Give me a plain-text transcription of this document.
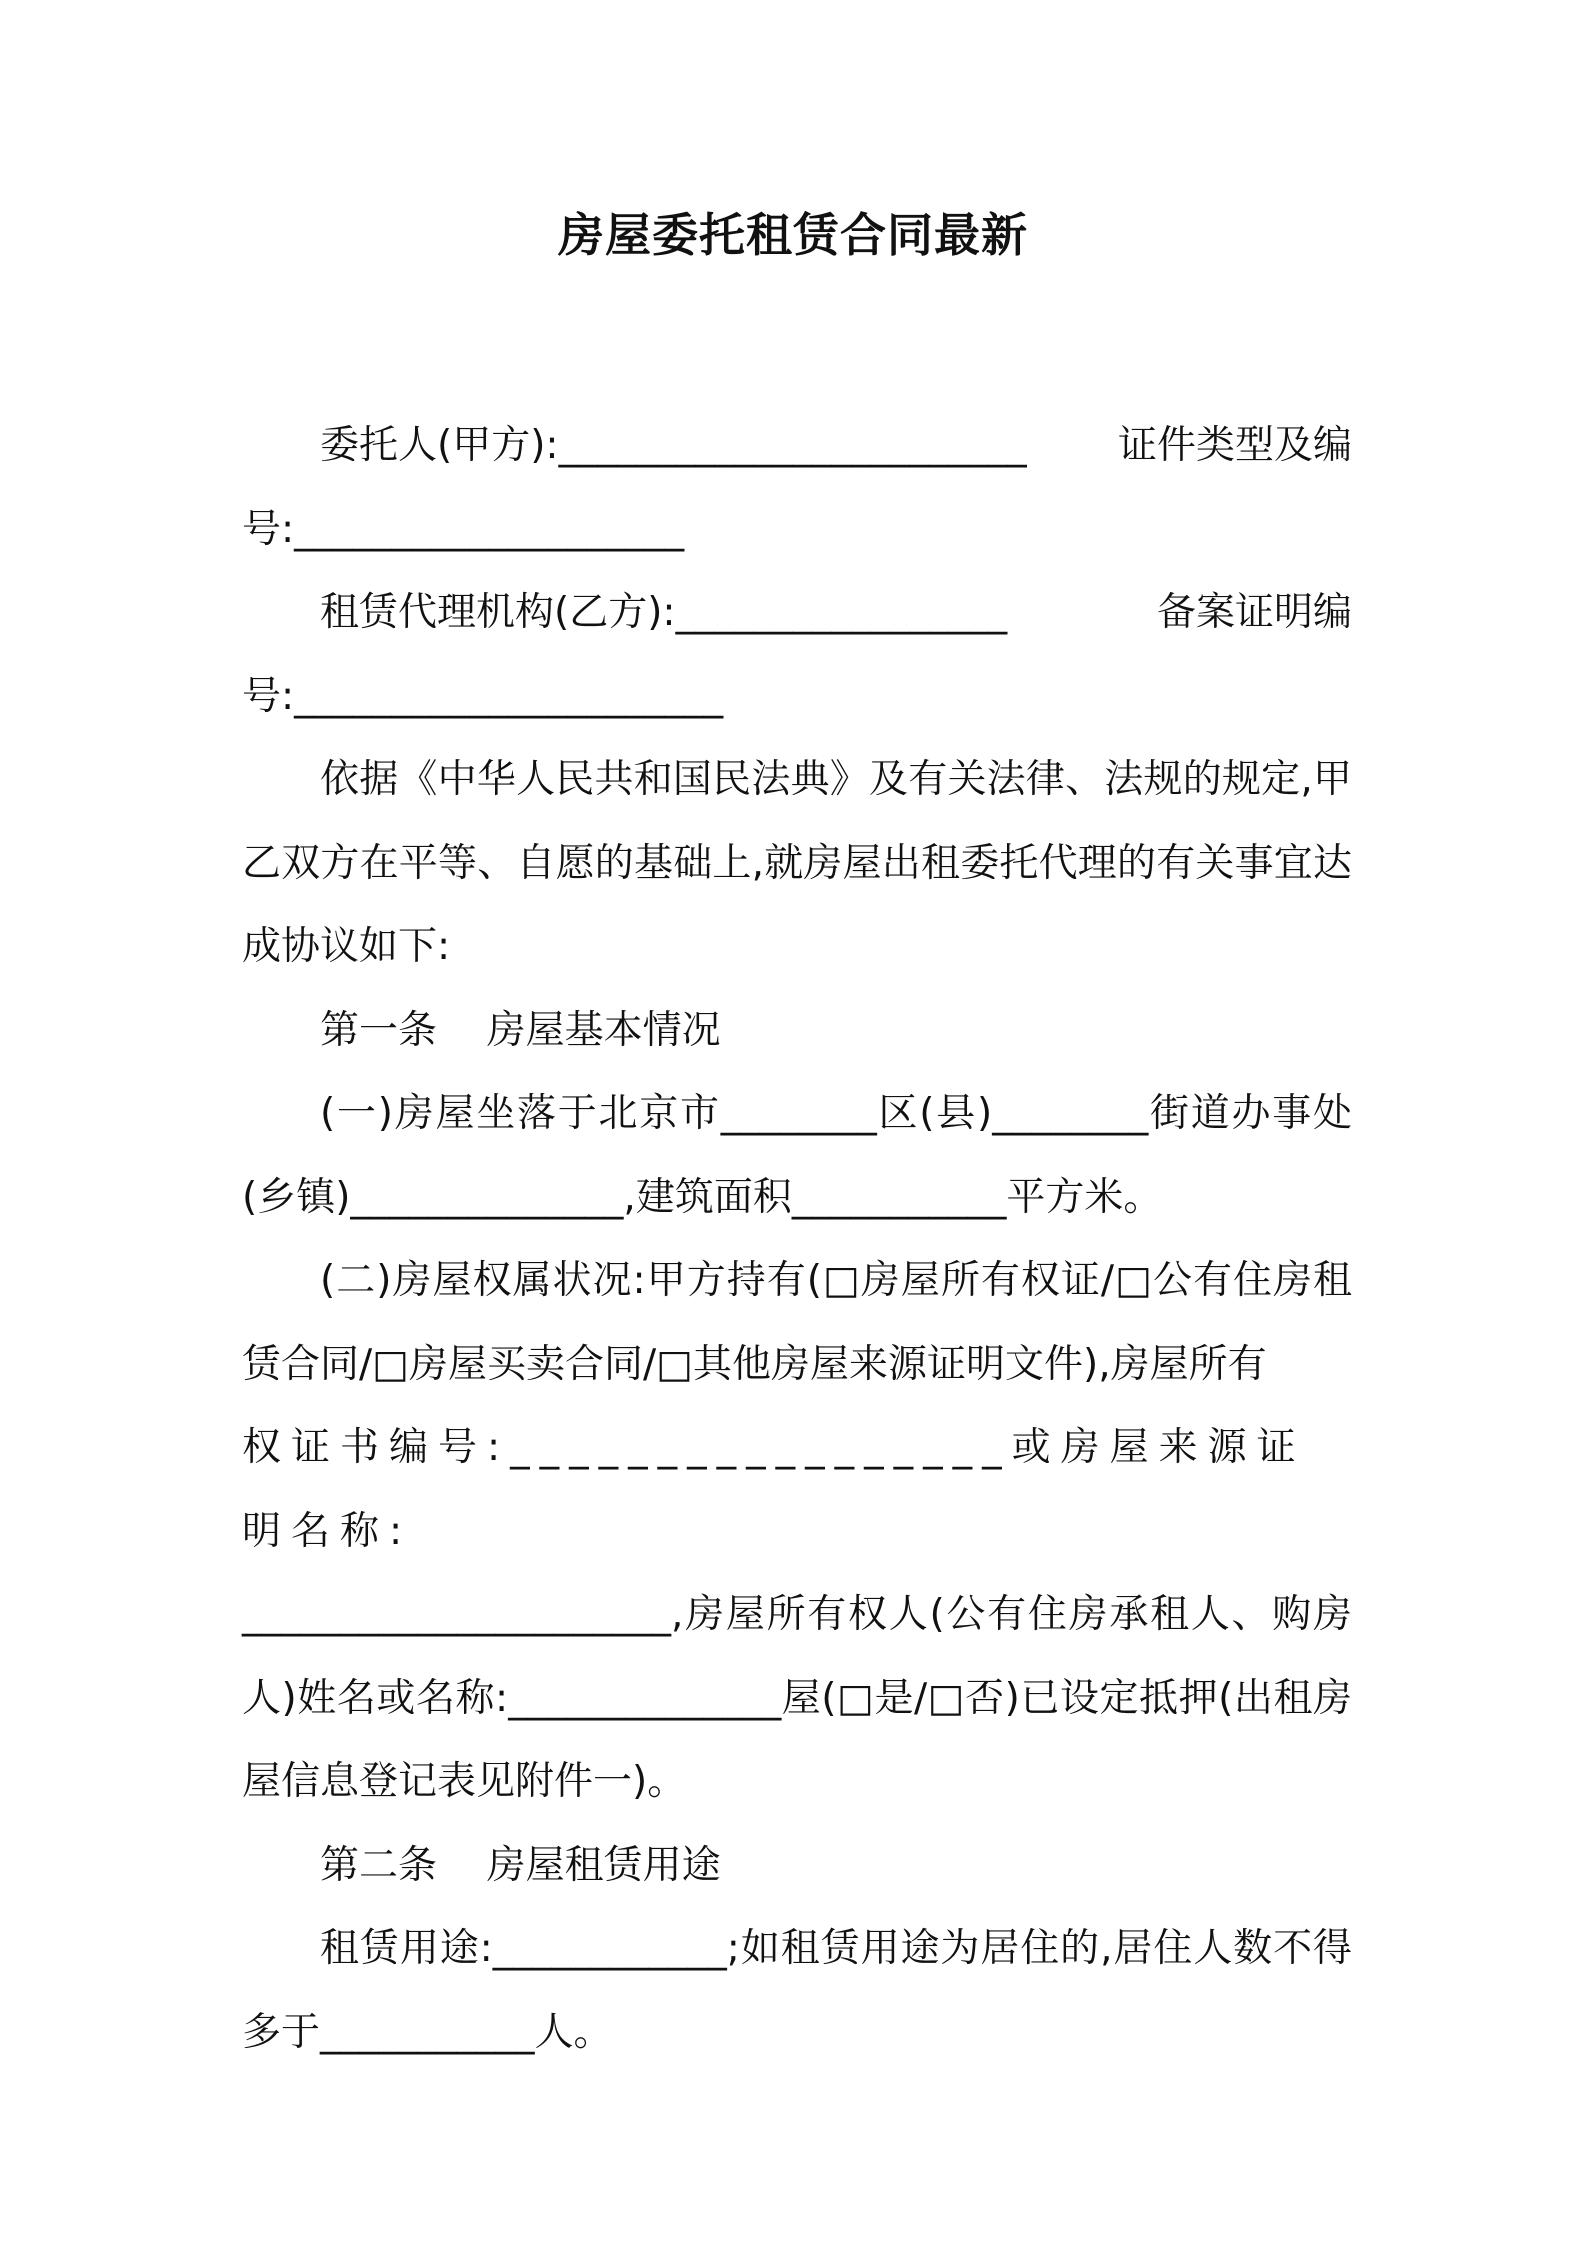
房屋委托租赁合同最新
委托人(甲方):________________________ 证件类型及编

号:____________________

租赁代理机构(乙方):_________________	备案证明编

号:______________________

依据《中华人民共和国民法典》及有关法律、法规的规定,甲乙双方在平等、自愿的基础上,就房屋出租委托代理的有关事宜达成协议如下:

第一条    房屋基本情况

(一)房屋坐落于北京市________区(县)________街道办事处(乡镇)______________,建筑面积___________平方米。

(二)房屋权属状况:甲方持有(□房屋所有权证/□公有住房租赁合同/□房屋买卖合同/□其他房屋来源证明文件),房屋所有

权证书编号:_________________或房屋来源证明名称:

______________________,房屋所有权人(公有住房承租人、购房人)姓名或名称:______________屋(□是/□否)已设定抵押(出租房屋信息登记表见附件一)。

第二条    房屋租赁用途

租赁用途:____________;如租赁用途为居住的,居住人数不得多于___________人。
